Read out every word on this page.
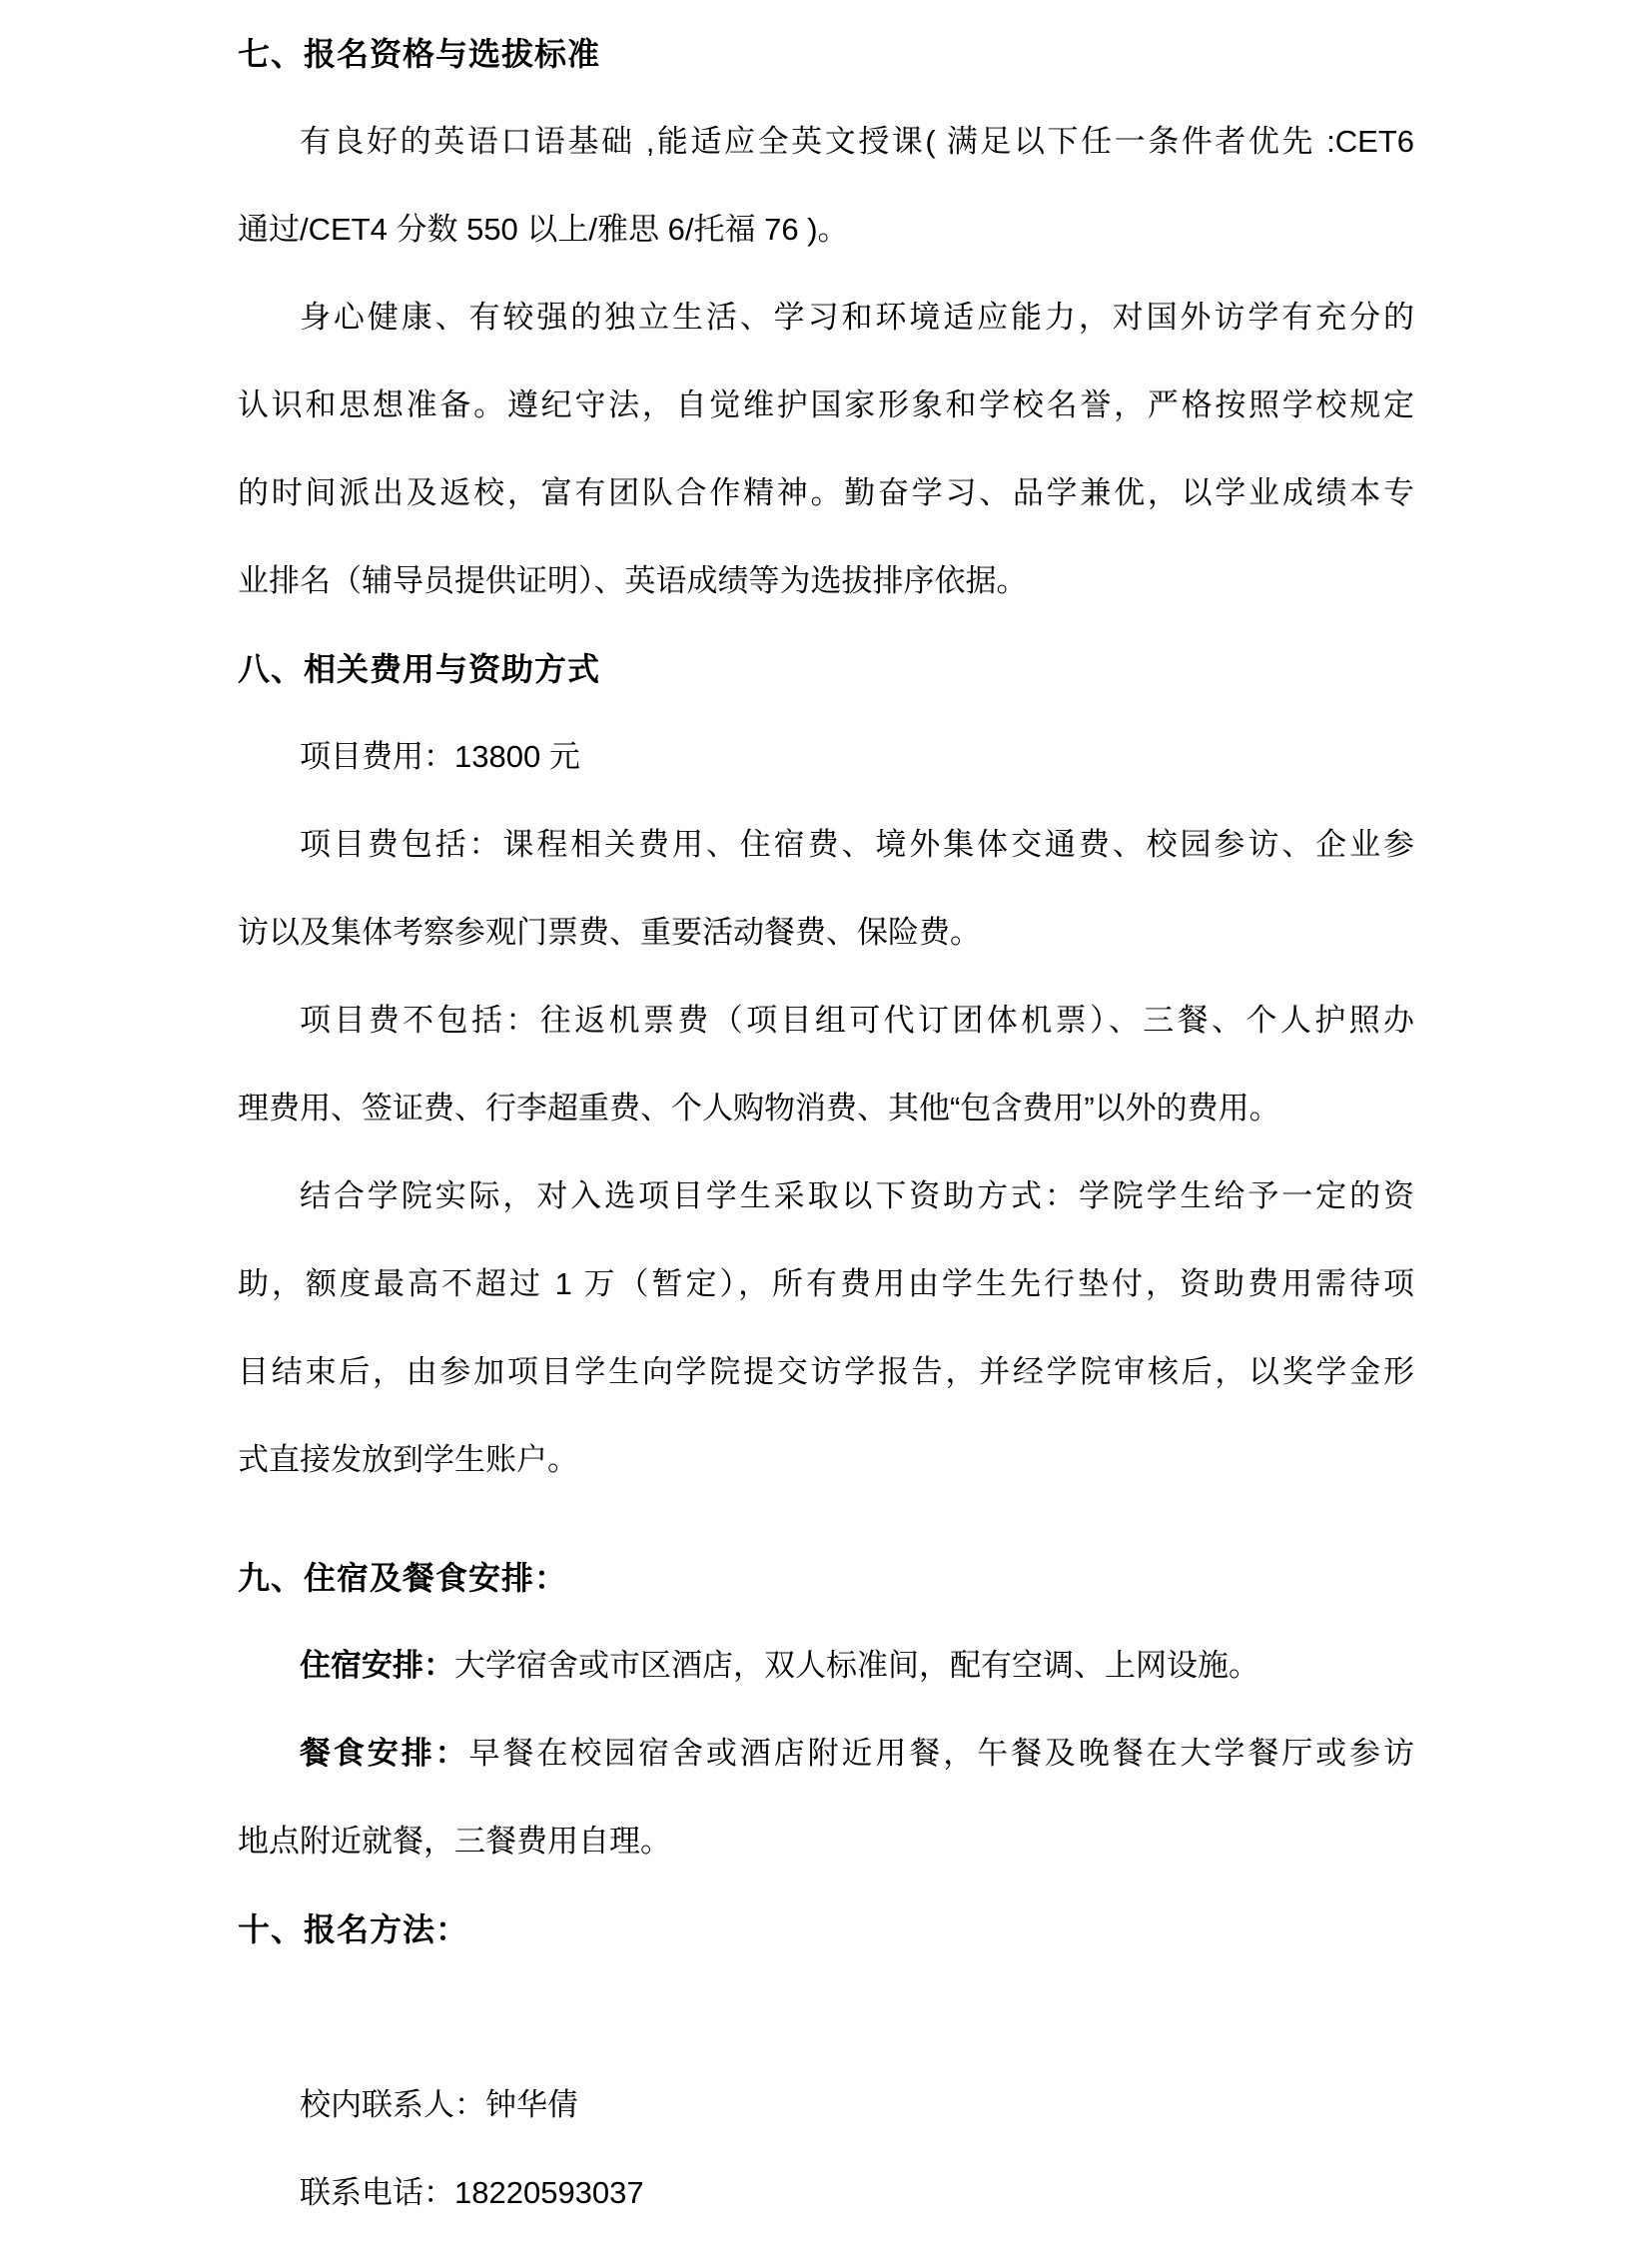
七、报名资格与选拔标准
有良好的英语口语基础 ,能适应全英文授课( 满足以下任一条件者优先 :CET6
通过/CET4 分数 550 以上/雅思 6/托福 76 )。
身心健康、有较强的独立生活、学习和环境适应能力，对国外访学有充分的
认识和思想准备。遵纪守法，自觉维护国家形象和学校名誉，严格按照学校规定
的时间派出及返校，富有团队合作精神。勤奋学习、品学兼优，以学业成绩本专
业排名（辅导员提供证明）、英语成绩等为选拔排序依据。
八、相关费用与资助方式
项目费用：13800 元
项目费包括：课程相关费用、住宿费、境外集体交通费、校园参访、企业参
访以及集体考察参观门票费、重要活动餐费、保险费。
项目费不包括：往返机票费（项目组可代订团体机票）、三餐、个人护照办
理费用、签证费、行李超重费、个人购物消费、其他“包含费用”以外的费用。
结合学院实际，对入选项目学生采取以下资助方式：学院学生给予一定的资
助，额度最高不超过 1 万（暂定），所有费用由学生先行垫付，资助费用需待项
目结束后，由参加项目学生向学院提交访学报告，并经学院审核后，以奖学金形
式直接发放到学生账户。
九、住宿及餐食安排：
住宿安排：大学宿舍或市区酒店，双人标准间，配有空调、上网设施。
餐食安排：早餐在校园宿舍或酒店附近用餐，午餐及晚餐在大学餐厅或参访
地点附近就餐，三餐费用自理。
十、报名方法：
校内联系人：钟华倩
联系电话：18220593037
